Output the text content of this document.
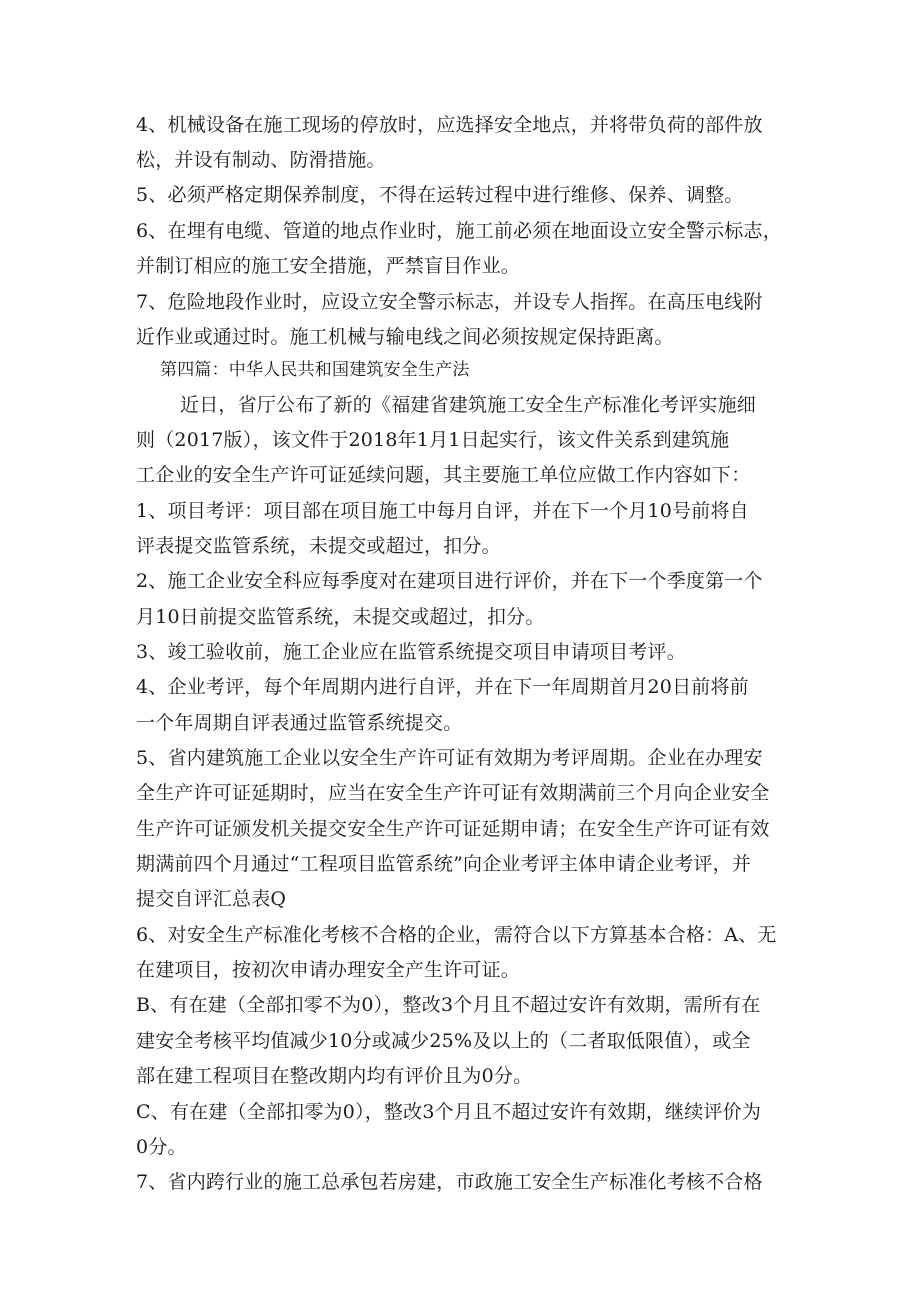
4、机械设备在施工现场的停放时，应选择安全地点，并将带负荷的部件放
松，并设有制动、防滑措施。
5、必须严格定期保养制度，不得在运转过程中进行维修、保养、调整。
6、在埋有电缆、管道的地点作业时，施工前必须在地面设立安全警示标志，
并制订相应的施工安全措施，严禁盲目作业。
7、危险地段作业时，应设立安全警示标志，并设专人指挥。在高压电线附
近作业或通过时。施工机械与输电线之间必须按规定保持距离。
第四篇：中华人民共和国建筑安全生产法
近日，省厅公布了新的《福建省建筑施工安全生产标准化考评实施细
则（2017版），该文件于2018年1月1日起实行，该文件关系到建筑施
工企业的安全生产许可证延续问题，其主要施工单位应做工作内容如下：
1、项目考评：项目部在项目施工中每月自评，并在下一个月10号前将自
评表提交监管系统，未提交或超过，扣分。
2、施工企业安全科应每季度对在建项目进行评价，并在下一个季度第一个
月10日前提交监管系统，未提交或超过，扣分。
3、竣工验收前，施工企业应在监管系统提交项目申请项目考评。
4、企业考评，每个年周期内进行自评，并在下一年周期首月20日前将前
一个年周期自评表通过监管系统提交。
5、省内建筑施工企业以安全生产许可证有效期为考评周期。企业在办理安
全生产许可证延期时，应当在安全生产许可证有效期满前三个月向企业安全
生产许可证颁发机关提交安全生产许可证延期申请；在安全生产许可证有效
期满前四个月通过“工程项目监管系统”向企业考评主体申请企业考评，并
提交自评汇总表Q
6、对安全生产标准化考核不合格的企业，需符合以下方算基本合格：A、无
在建项目，按初次申请办理安全产生许可证。
B、有在建（全部扣零不为0），整改3个月且不超过安许有效期，需所有在
建安全考核平均值减少10分或减少25%及以上的（二者取低限值），或全
部在建工程项目在整改期内均有评价且为0分。
C、有在建（全部扣零为0），整改3个月且不超过安许有效期，继续评价为
0分。
7、省内跨行业的施工总承包若房建，市政施工安全生产标准化考核不合格
